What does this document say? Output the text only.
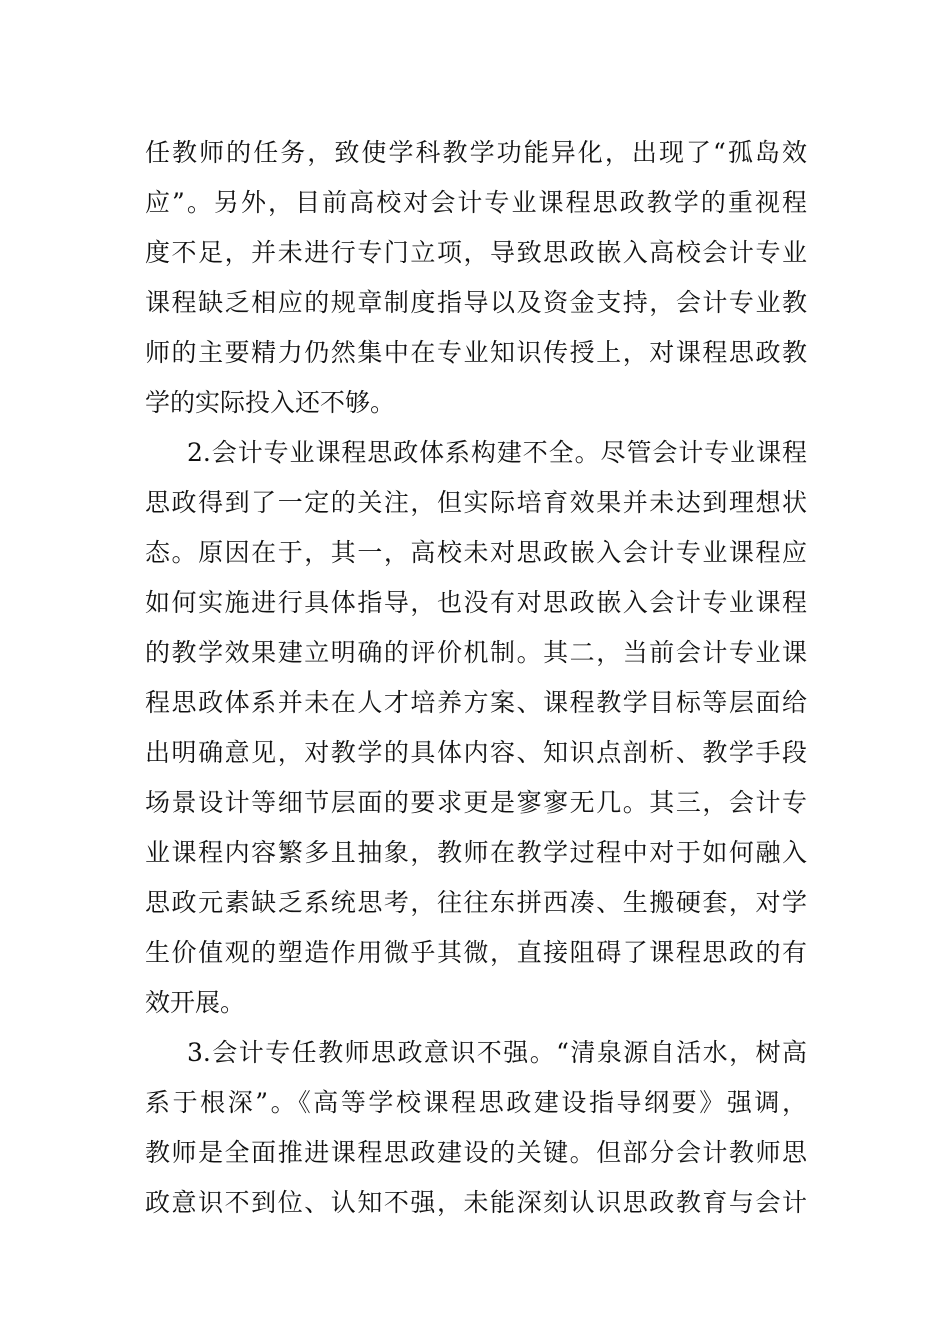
任教师的任务，致使学科教学功能异化，出现了“孤岛效
应”。另外，目前高校对会计专业课程思政教学的重视程
度不足，并未进行专门立项，导致思政嵌入高校会计专业
课程缺乏相应的规章制度指导以及资金支持，会计专业教
师的主要精力仍然集中在专业知识传授上，对课程思政教
学的实际投入还不够。
2.会计专业课程思政体系构建不全。尽管会计专业课程
思政得到了一定的关注，但实际培育效果并未达到理想状
态。原因在于，其一，高校未对思政嵌入会计专业课程应
如何实施进行具体指导，也没有对思政嵌入会计专业课程
的教学效果建立明确的评价机制。其二，当前会计专业课
程思政体系并未在人才培养方案、课程教学目标等层面给
出明确意见，对教学的具体内容、知识点剖析、教学手段
场景设计等细节层面的要求更是寥寥无几。其三，会计专
业课程内容繁多且抽象，教师在教学过程中对于如何融入
思政元素缺乏系统思考，往往东拼西凑、生搬硬套，对学
生价值观的塑造作用微乎其微，直接阻碍了课程思政的有
效开展。
3.会计专任教师思政意识不强。“清泉源自活水，树高
系于根深”。《高等学校课程思政建设指导纲要》强调，
教师是全面推进课程思政建设的关键。但部分会计教师思
政意识不到位、认知不强，未能深刻认识思政教育与会计
